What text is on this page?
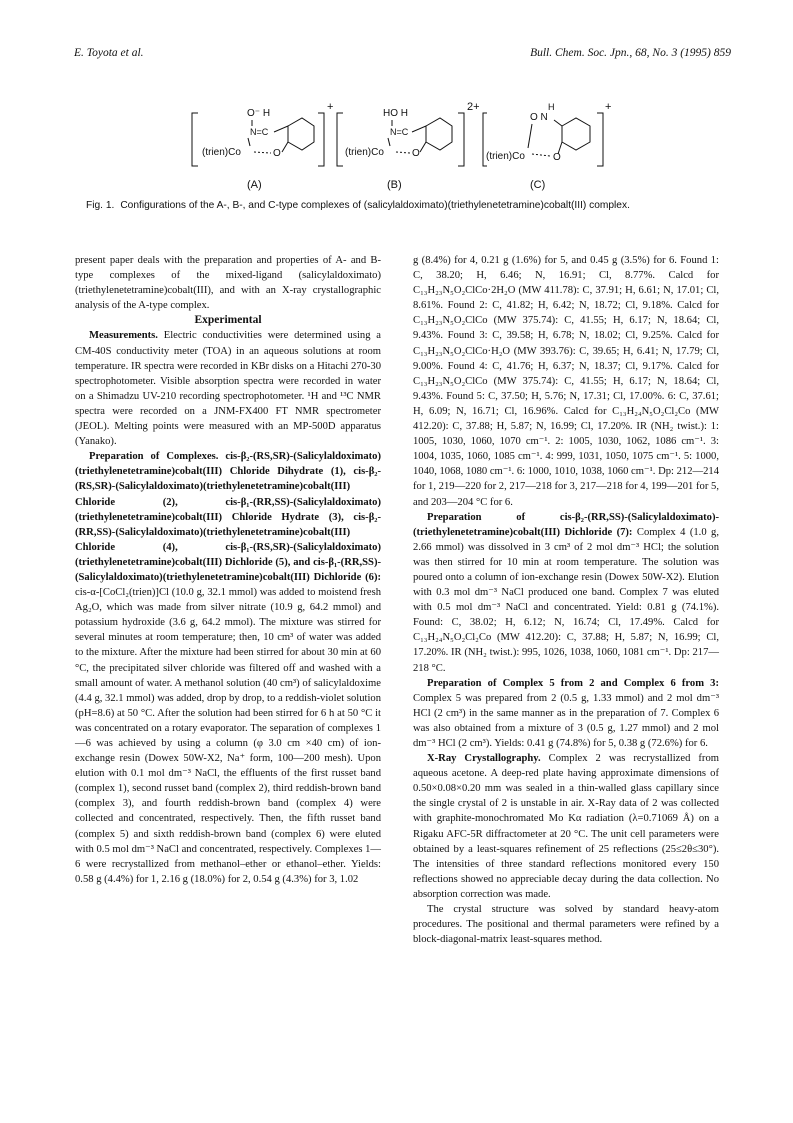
E. Toyota et al.	Bull. Chem. Soc. Jpn., 68, No. 3 (1995) 859
+
O⁻ H
N=C
(trien)Co	O
(A)
2+
HO H
N=C
(trien)Co	O
(B)
+
O N
H
(trien)Co	O
(C)
Fig. 1. Configurations of the A-, B-, and C-type complexes of (salicylaldoximato)(triethylenetetramine)cobalt(III) complex.

present paper deals with the preparation and properties of A- and B-type complexes of the mixed-ligand (salicylaldoximato)(triethylenetetramine)cobalt(III), and with an X-ray crystallographic analysis of the A-type complex.

Experimental

Measurements. Electric conductivities were determined using a CM-40S conductivity meter (TOA) in an aqueous solutions at room temperature. IR spectra were recorded in KBr disks on a Hitachi 270-30 spectrophotometer. Visible absorption spectra were recorded in water on a Shimadzu UV-210 recording spectrophotometer. ¹H and ¹³C NMR spectra were recorded on a JNM-FX400 FT NMR spectrometer (JEOL). Melting points were measured with an MP-500D apparatus (Yanako).

Preparation of Complexes. cis-β₂-(RS,SR)-(Salicylaldoximato)(triethylenetetramine)cobalt(III) Chloride Dihydrate (1), cis-β₂-(RS,SR)-(Salicylaldoximato)(triethylenetetramine)cobalt(III) Chloride (2), cis-β₁-(RR,SS)-(Salicylaldoximato)(triethylenetetramine)cobalt(III) Chloride Hydrate (3), cis-β₂-(RR,SS)-(Salicylaldoximato)(triethylenetetramine)cobalt(III) Chloride (4), cis-β₁-(RS,SR)-(Salicylaldoximato)(triethylenetetramine)cobalt(III) Dichloride (5), and cis-β₁-(RR,SS)-(Salicylaldoximato)(triethylenetetramine)cobalt(III) Dichloride (6): cis-α-[CoCl₂(trien)]Cl (10.0 g, 32.1 mmol) was added to moistend fresh Ag₂O, which was made from silver nitrate (10.9 g, 64.2 mmol) and potassium hydroxide (3.6 g, 64.2 mmol). The mixture was stirred for several minutes at room temperature; then, 10 cm³ of water was added to the mixture. After the mixture had been stirred for about 30 min at 60 °C, the precipitated silver chloride was filtered off and washed with a small amount of water. A methanol solution (40 cm³) of salicylaldoxime (4.4 g, 32.1 mmol) was added, drop by drop, to a reddish-violet solution (pH=8.6) at 50 °C. After the solution had been stirred for 6 h at 50 °C it was concentrated on a rotary evaporator. The separation of complexes 1—6 was achieved by using a column (φ 3.0 cm ×40 cm) of ion-exchange resin (Dowex 50W-X2, Na⁺ form, 100—200 mesh). Upon elution with 0.1 mol dm⁻³ NaCl, the effluents of the first russet band (complex 1), second russet band (complex 2), third reddish-brown band (complex 3), and fourth reddish-brown band (complex 4) were collected and concentrated, respectively. Then, the fifth russet band (complex 5) and sixth reddish-brown band (complex 6) were eluted with 0.5 mol dm⁻³ NaCl and concentrated, respectively. Complexes 1—6 were recrystallized from methanol–ether or ethanol–ether. Yields: 0.58 g (4.4%) for 1, 2.16 g (18.0%) for 2, 0.54 g (4.3%) for 3, 1.02

g (8.4%) for 4, 0.21 g (1.6%) for 5, and 0.45 g (3.5%) for 6. Found 1: C, 38.20; H, 6.46; N, 16.91; Cl, 8.77%. Calcd for C₁₃H₂₃N₅O₂ClCo·2H₂O (MW 411.78): C, 37.91; H, 6.61; N, 17.01; Cl, 8.61%. Found 2: C, 41.82; H, 6.42; N, 18.72; Cl, 9.18%. Calcd for C₁₃H₂₃N₅O₂ClCo (MW 375.74): C, 41.55; H, 6.17; N, 18.64; Cl, 9.43%. Found 3: C, 39.58; H, 6.78; N, 18.02; Cl, 9.25%. Calcd for C₁₃H₂₃N₅O₂ClCo·H₂O (MW 393.76): C, 39.65; H, 6.41; N, 17.79; Cl, 9.00%. Found 4: C, 41.76; H, 6.37; N, 18.37; Cl, 9.17%. Calcd for C₁₃H₂₃N₅O₂ClCo (MW 375.74): C, 41.55; H, 6.17; N, 18.64; Cl, 9.43%. Found 5: C, 37.50; H, 5.76; N, 17.31; Cl, 17.00%. 6: C, 37.61; H, 6.09; N, 16.71; Cl, 16.96%. Calcd for C₁₃H₂₄N₅O₂Cl₂Co (MW 412.20): C, 37.88; H, 5.87; N, 16.99; Cl, 17.20%. IR (NH₂ twist.): 1: 1005, 1030, 1060, 1070 cm⁻¹. 2: 1005, 1030, 1062, 1086 cm⁻¹. 3: 1004, 1035, 1060, 1085 cm⁻¹. 4: 999, 1031, 1050, 1075 cm⁻¹. 5: 1000, 1040, 1068, 1080 cm⁻¹. 6: 1000, 1010, 1038, 1060 cm⁻¹. Dp: 212—214 for 1, 219—220 for 2, 217—218 for 3, 217—218 for 4, 199—201 for 5, and 203—204 °C for 6.

Preparation of cis-β₂-(RR,SS)-(Salicylaldoximato)-(triethylenetetramine)cobalt(III) Dichloride (7): Complex 4 (1.0 g, 2.66 mmol) was dissolved in 3 cm³ of 2 mol dm⁻³ HCl; the solution was then stirred for 10 min at room temperature. The solution was poured onto a column of ion-exchange resin (Dowex 50W-X2). Elution with 0.3 mol dm⁻³ NaCl produced one band. Complex 7 was eluted with 0.5 mol dm⁻³ NaCl and concentrated. Yield: 0.81 g (74.1%). Found: C, 38.02; H, 6.12; N, 16.74; Cl, 17.49%. Calcd for C₁₃H₂₄N₅O₂Cl₂Co (MW 412.20): C, 37.88; H, 5.87; N, 16.99; Cl, 17.20%. IR (NH₂ twist.): 995, 1026, 1038, 1060, 1081 cm⁻¹. Dp: 217—218 °C.

Preparation of Complex 5 from 2 and Complex 6 from 3: Complex 5 was prepared from 2 (0.5 g, 1.33 mmol) and 2 mol dm⁻³ HCl (2 cm³) in the same manner as in the preparation of 7. Complex 6 was also obtained from a mixture of 3 (0.5 g, 1.27 mmol) and 2 mol dm⁻³ HCl (2 cm³). Yields: 0.41 g (74.8%) for 5, 0.38 g (72.6%) for 6.

X-Ray Crystallography. Complex 2 was recrystallized from aqueous acetone. A deep-red plate having approximate dimensions of 0.50×0.08×0.20 mm was sealed in a thin-walled glass capillary since the single crystal of 2 is unstable in air. X-Ray data of 2 was collected with graphite-monochromated Mo Kα radiation (λ=0.71069 Å) on a Rigaku AFC-5R diffractometer at 20 °C. The unit cell parameters were obtained by a least-squares refinement of 25 reflections (25≤2θ≤30°). The intensities of three standard reflections monitored every 150 reflections showed no appreciable decay during the data collection. No absorption correction was made.

The crystal structure was solved by standard heavy-atom procedures. The positional and thermal parameters were refined by a block-diagonal-matrix least-squares method.
